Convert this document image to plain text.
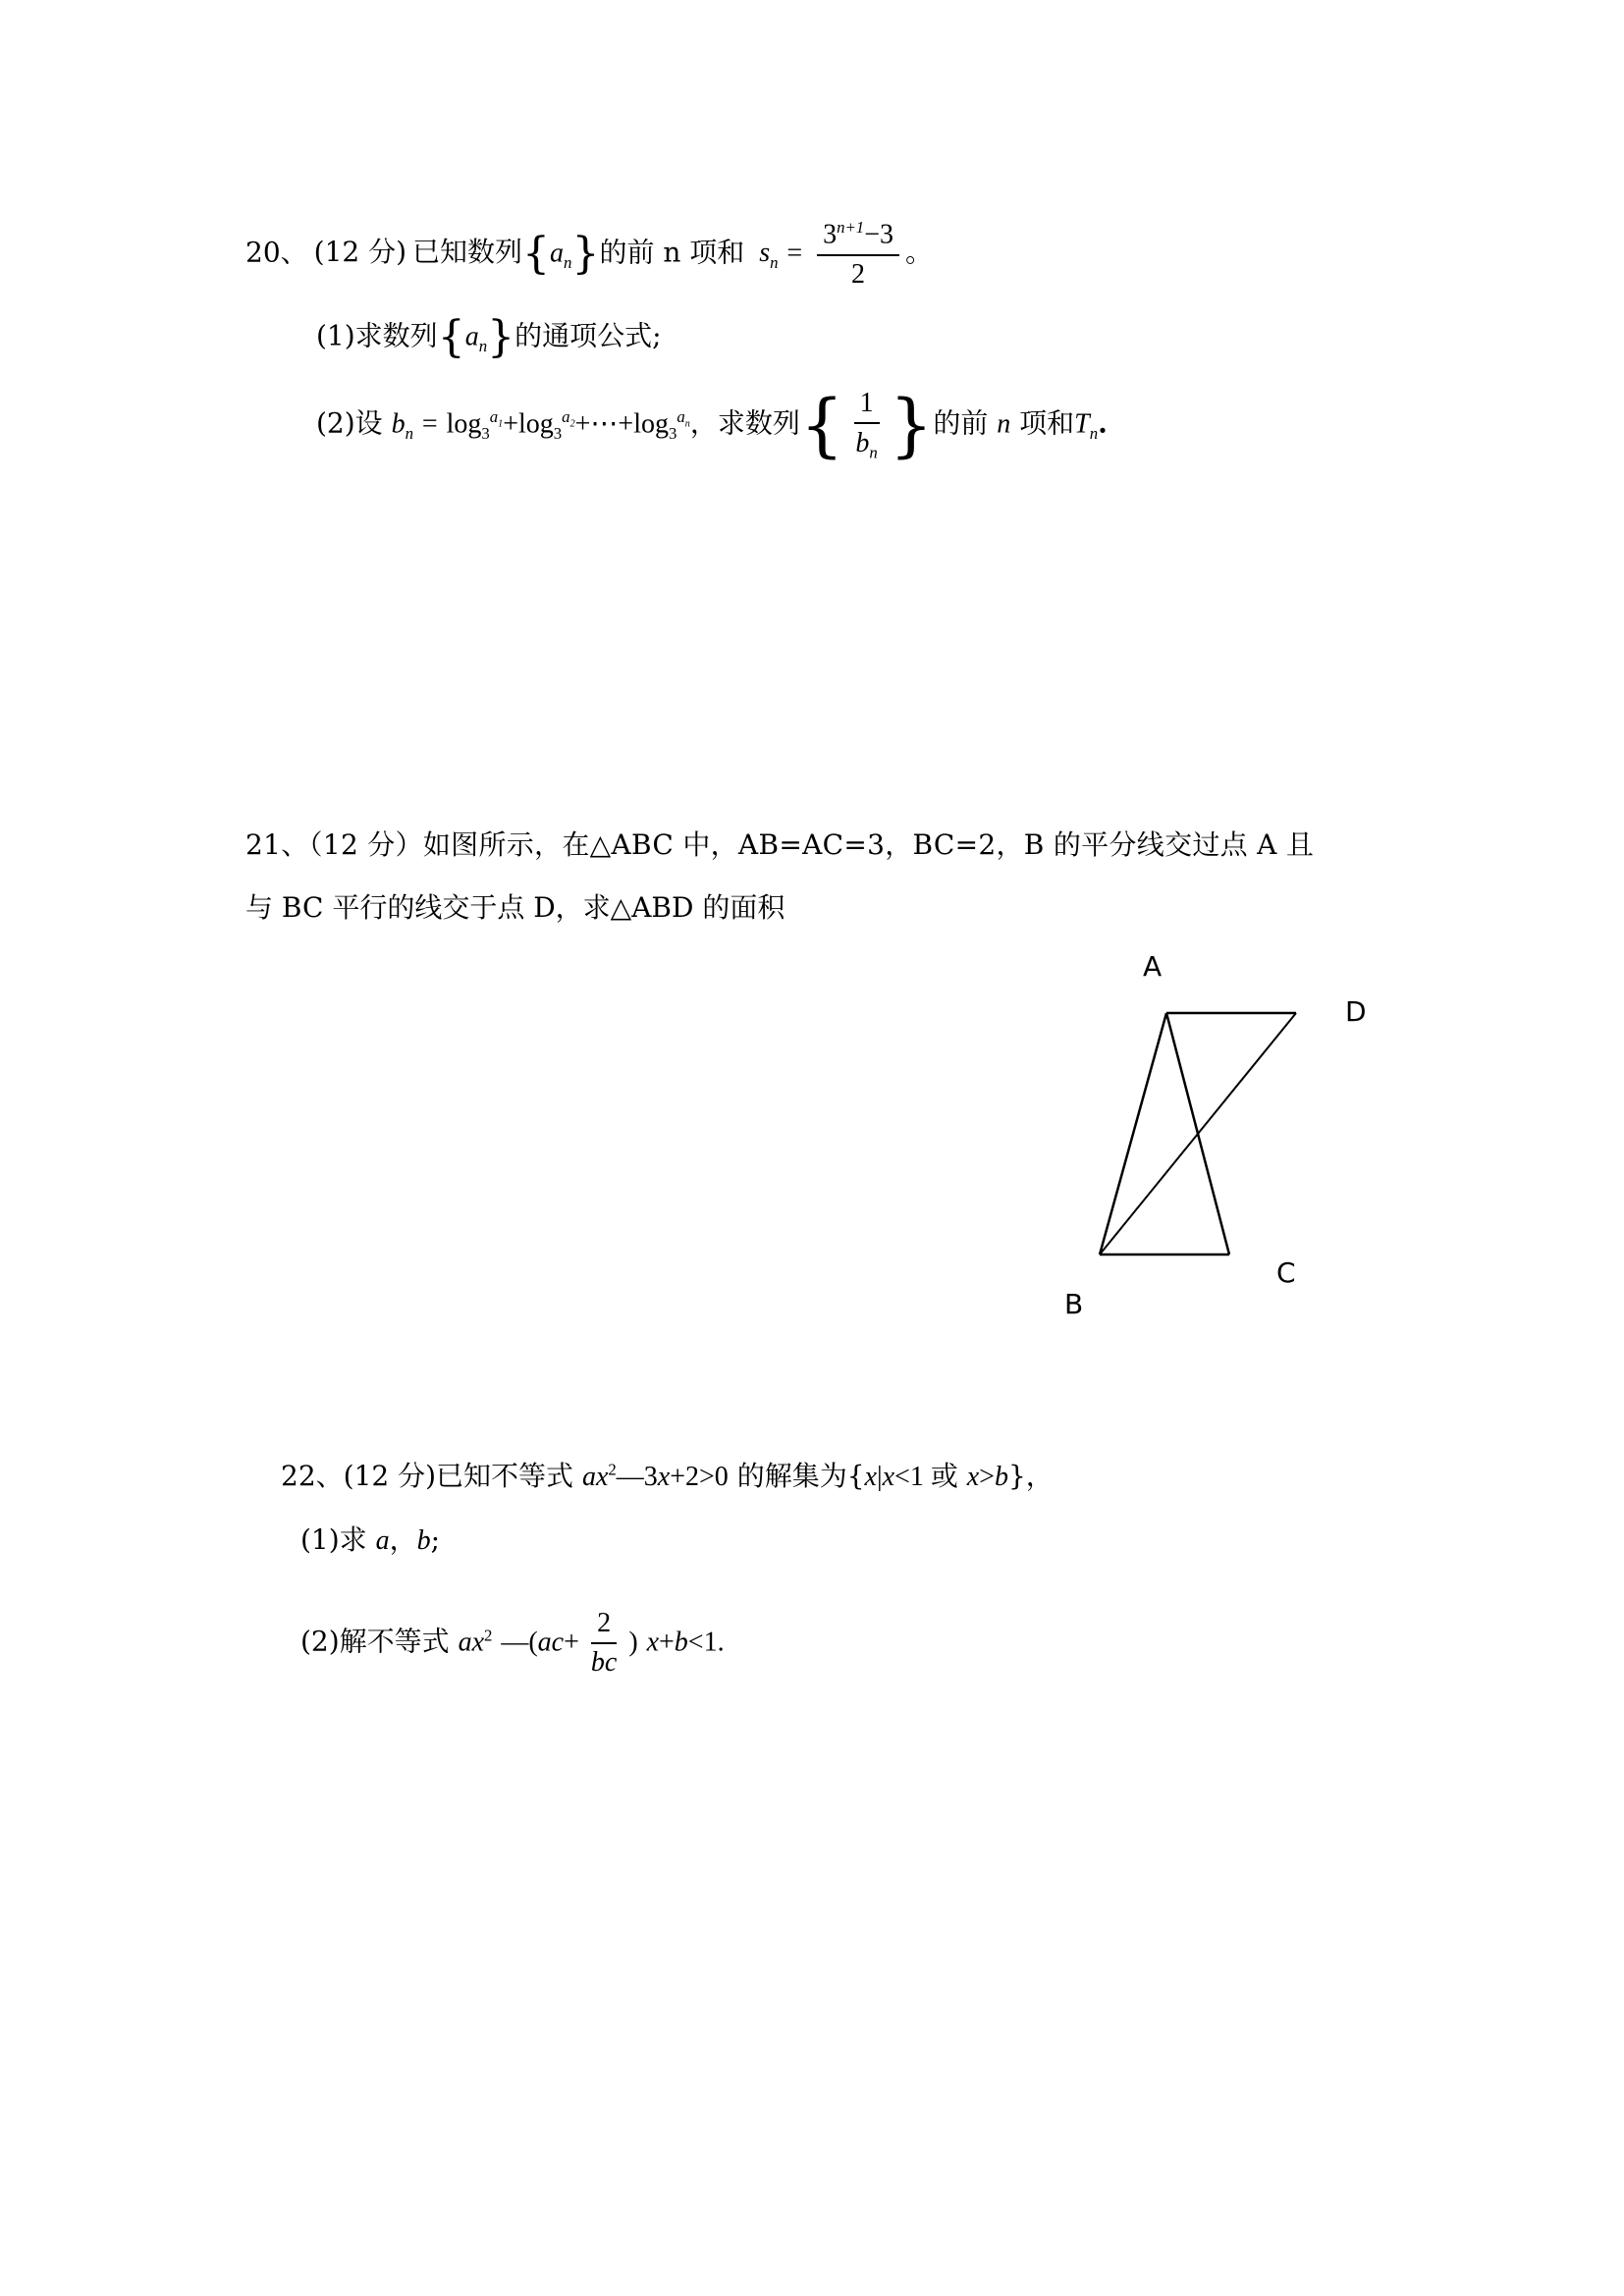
20、 (12 分) 已知数列$\{a_n\}$的前 n 项和 $s_n = \frac{3^{n+1}-3}{2}$ 。
(1)求数列$\{a_n\}$的通项公式;
(2)设 $b_n$ = $\log_3^{a_1}+\log_3^{a_2}+\cdots+\log_3^{a_n}$，求数列{ $\frac{1}{b_n}$ }的前 n 项和$T_n$.
21、（12 分）如图所示，在△ABC 中，AB=AC=3，BC=2，B 的平分线交过点 A 且
与 BC 平行的线交于点 D，求△ABD 的面积
A
D
B
C
22、(12 分)已知不等式 $ax^2—3x+2>0$ 的解集为{x|x<1 或 x>b}，
(1)求 a，b;
(2)解不等式 $ax^2$ —(ac+ $\frac{2}{bc}$ ) x+b<1.
